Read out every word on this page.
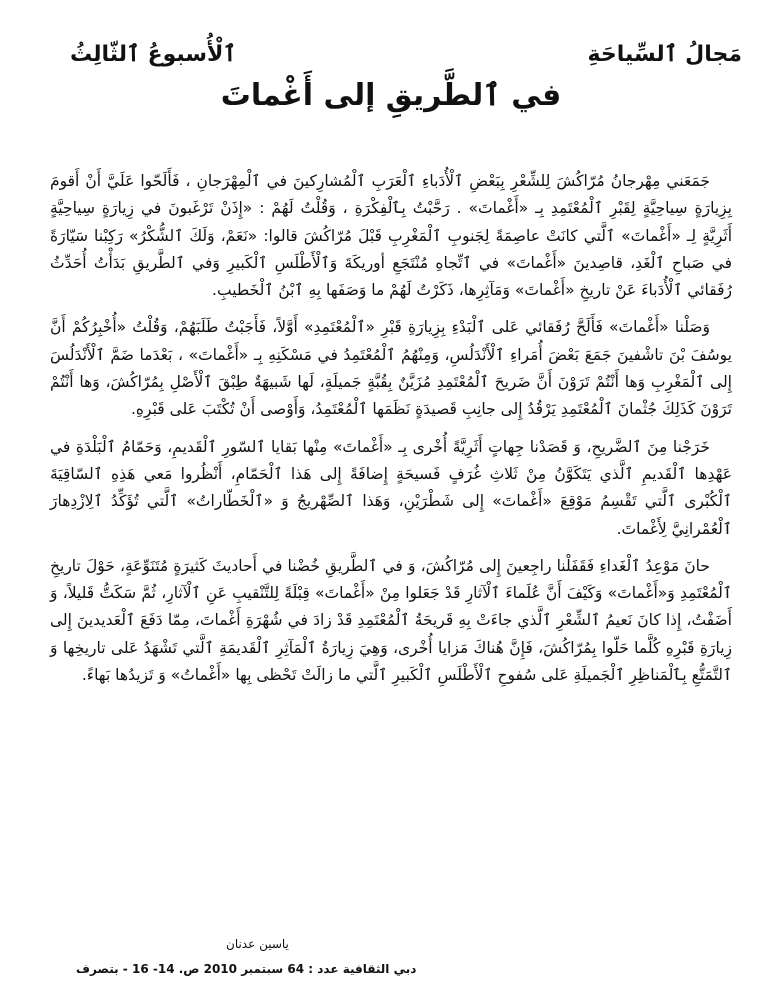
مَجالُ ٱلسِّياحَةِ
ٱلْأُسبوعُ ٱلثّالِثُ
في ٱلطَّريقِ إلى أَغْماتَ

جَمَعَني مِهْرجانُ مُرّاكُشَ لِلشِّعْرِ بِبَعْضِ ٱلْأُدَباءِ ٱلْعَرَبِ ٱلْمُشارِكينَ في ٱلْمِهْرَجانِ ، فَأَلَحّوا عَلَيَّ أَنْ أَقومَ بِزِيارَةٍ سِياحِيَّةٍ لِقَبْرِ ٱلْمُعْتَمِدِ بِـ «أَغْماتَ» . رَحَّبْتُ بِٱلْفِكْرَةِ ، وَقُلْتُ لَهُمْ : «إِذَنْ تَرْغَبونَ في زِيارَةٍ سِياحِيَّةٍ أَثَرِيَّةٍ لِـ «أَغْماتَ» ٱلَّتي كانَتْ عاصِمَةً لِجَنوبِ ٱلْمَغْرِبِ قَبْلَ مُرّاكُشَ قالوا: «نَعَمْ، وَلَكَ ٱلشُّكْرُ» رَكِبْنا سَيّارَةً في صَباحِ ٱلْغَدِ، قاصِدينَ «أَغْماتَ» في ٱتِّجاهِ مُنْتَجَعِ أوريكَةَ وَٱلْأَطْلَسِ ٱلْكَبيرِ وَفي ٱلطَّريقِ بَدَأْتُ أُحَدِّثُ رُفَقائي ٱلْأُدَباءَ عَنْ تاريخِ «أَغْماتَ» وَمَآثِرِها، ذَكَرْتُ لَهُمْ ما وَصَفَها بِهِ ٱبْنُ ٱلْخَطيبِ.

وَصَلْنا «أَغْماتَ» فَأَلَحَّ رُفَقائي عَلى ٱلْبَدْءِ بِزِيارَةِ قَبْرِ «ٱلْمُعْتَمِدِ» أَوَّلاً، فَأَجَبْتُ طَلَبَهُمْ، وَقُلْتُ «أُخْبِرُكُمْ أَنَّ يوسُفَ بْنَ تاشْفينَ جَمَعَ بَعْضَ أُمَراءِ ٱلْأَنْدَلُسِ، وَمِنْهُمُ ٱلْمُعْتَمِدُ في مَسْكَنِهِ بِـ «أَغْماتَ» ، بَعْدَما ضَمَّ ٱلْأَنْدَلُسَ إِلى ٱلْمَغْرِبِ وَها أَنْتُمْ تَرَوْنَ أَنَّ ضَريحَ ٱلْمُعْتَمِدِ مُزَيَّنٌ بِقُبَّةٍ جَميلَةٍ، لَها شَبيهَةٌ طِبْقَ ٱلْأَصْلِ بِمُرّاكُشَ، وَها أَنْتُمْ تَرَوْنَ كَذَلِكَ جُثْمانَ ٱلْمُعْتَمِدِ يَرْقُدُ إِلى جانِبِ قَصيدَةٍ نَظَمَها ٱلْمُعْتَمِدُ، وَأَوْصى أَنْ تُكْتَبَ عَلى قَبْرِهِ.

خَرَجْنا مِنَ ٱلضَّريحِ، وَ قَصَدْنا جِهاتٍ أَثَرِيَّةً أُخْرى بِـ «أَغْماتَ» مِنْها بَقايا ٱلسّورِ ٱلْقَديمِ، وَحَمّامُ ٱلْبَلْدَةِ في عَهْدِها ٱلْقَديمِ ٱلَّذي يَتَكَوَّنُ مِنْ ثَلاثِ غُرَفٍ فَسيحَةٍ إِضافَةً إِلى هَذا ٱلْحَمّامِ، أَنْظُروا مَعي هَذِهِ ٱلسّاقِيَةَ ٱلْكُبْرى ٱلَّتي تَقْسِمُ مَوْقِعَ «أَغْماتَ» إِلى شَطْرَيْنِ، وَهَذا ٱلصِّهْريجُ وَ «ٱلْخَطّاراتُ» ٱلَّتي تُؤَكِّدُ ٱلِازْدِهارَ ٱلْعُمْرانِيَّ لِأَغْماتَ.

حانَ مَوْعِدُ ٱلْغَداءِ فَقَفَلْنا راجِعينَ إِلى مُرّاكُشَ، وَ في ٱلطَّريقِ خُضْنا في أَحاديثَ كَثيرَةٍ مُتَنَوِّعَةٍ، حَوْلَ تاريخِ ٱلْمُعْتَمِدِ وَ«أَغْماتَ» وَكَيْفَ أَنَّ عُلَماءَ ٱلْآثارِ قَدْ جَعَلوا مِنْ «أَغْماتَ» قِبْلَةً لِلتَّنْقيبِ عَنِ ٱلْآثارِ، ثُمَّ سَكَتُّ قَليلاً، وَ أَضَفْتُ، إِذا كانَ نَعيمُ ٱلشِّعْرِ ٱلَّذي جاءَتْ بِهِ قَريحَةُ ٱلْمُعْتَمِدِ قَدْ زادَ في شُهْرَةِ أَغْماتَ، مِمّا دَفَعَ ٱلْعَديدينَ إِلى زِيارَةِ قَبْرِهِ كُلَّما حَلّوا بِمُرّاكُشَ، فَإِنَّ هُناكَ مَزايا أُخْرى، وَهِيَ زِيارَةُ ٱلْمَآثِرِ ٱلْقَديمَةِ ٱلَّتي تَشْهَدُ عَلى تاريخِها وَ ٱلتَّمَتُّعِ بِٱلْمَناظِرِ ٱلْجَميلَةِ عَلى سُفوحِ ٱلْأَطْلَسِ ٱلْكَبيرِ ٱلَّتي ما زالَتْ تَحْظى بِها «أَغْماتُ» وَ تَزيدُها بَهاءً.

ياسين عدنان
دبي الثقافية عدد : 64 سبتمبر 2010 ص. 14- 16 - بتصرف
